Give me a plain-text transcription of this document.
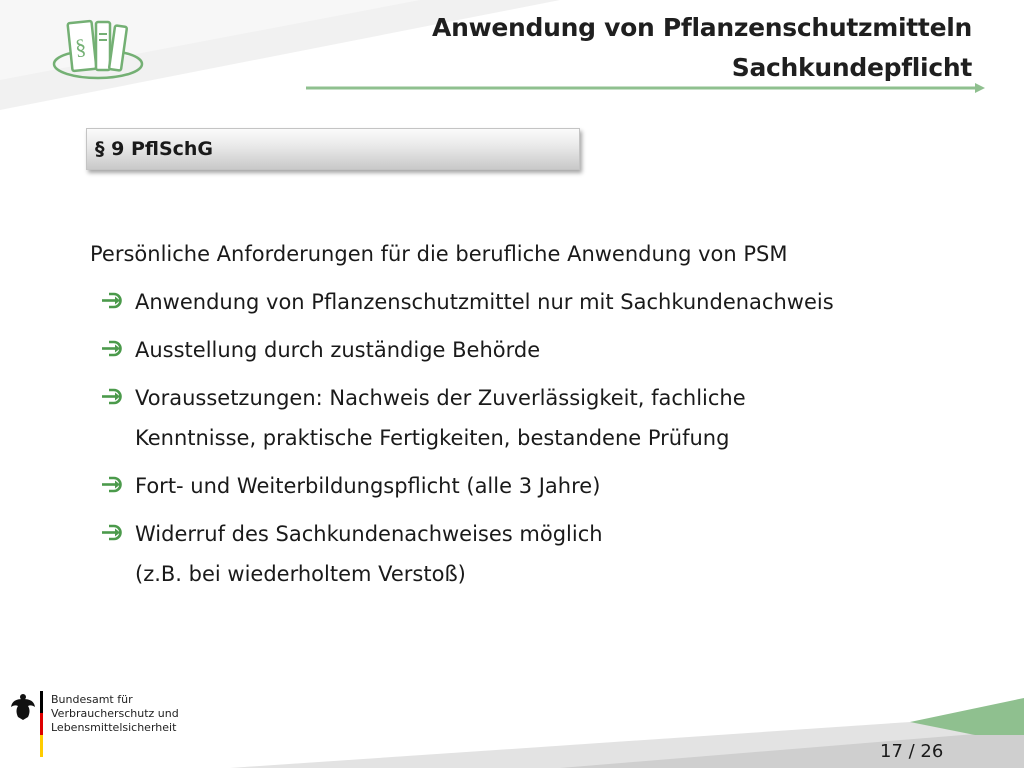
§
Anwendung von Pflanzenschutzmitteln
Sachkundepflicht
§ 9 PflSchG
Persönliche Anforderungen für die berufliche Anwendung von PSM
Anwendung von Pflanzenschutzmittel nur mit Sachkundenachweis
Ausstellung durch zuständige Behörde
Voraussetzungen: Nachweis der Zuverlässigkeit, fachliche
Kenntnisse, praktische Fertigkeiten, bestandene Prüfung
Fort- und Weiterbildungspflicht (alle 3 Jahre)
Widerruf des Sachkundenachweises möglich
(z.B. bei wiederholtem Verstoß)
Bundesamt für
Verbraucherschutz und
Lebensmittelsicherheit
17 / 26
